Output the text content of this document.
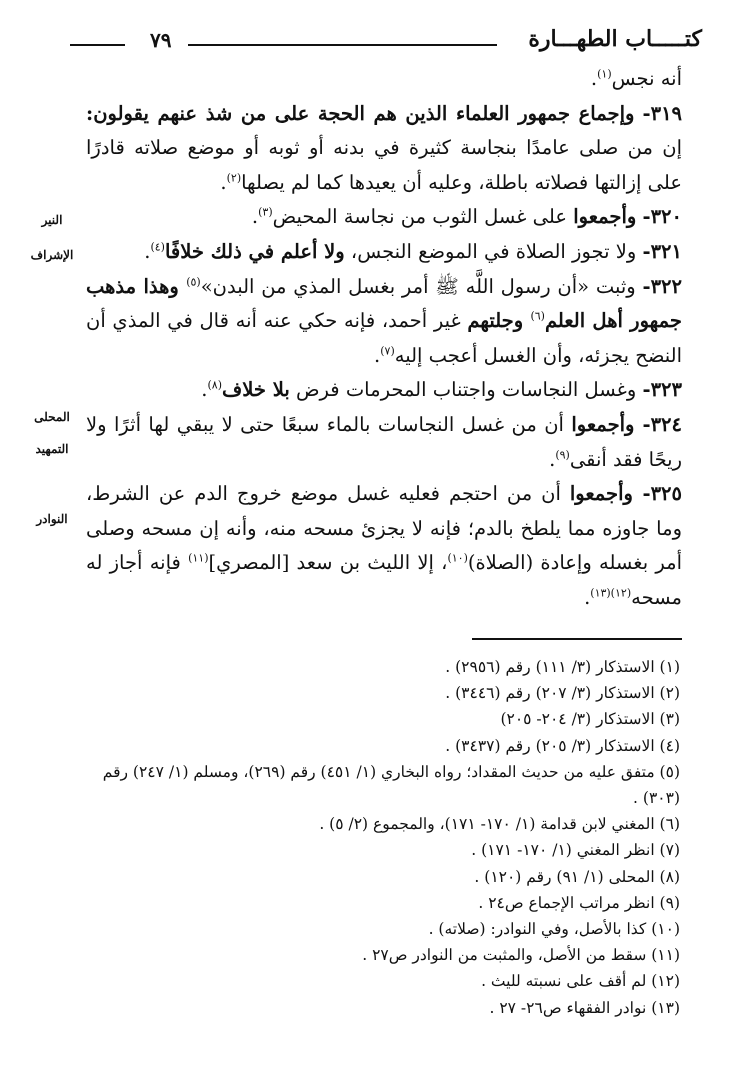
كتـــــاب الطهـــارة
٧٩
النير
الإشراف
المحلى
التمهيد
النوادر

أنه نجس$^{(١)}$.

٣١٩- وإجماع جمهور العلماء الذين هم الحجة على من شذ عنهم يقولون: إن من صلى عامدًا بنجاسة كثيرة في بدنه أو ثوبه أو موضع صلاته قادرًا على إزالتها فصلاته باطلة، وعليه أن يعيدها كما لم يصلها$^{(٢)}$.

٣٢٠- وأجمعوا على غسل الثوب من نجاسة المحيض$^{(٣)}$.

٣٢١- ولا تجوز الصلاة في الموضع النجس، ولا أعلم في ذلك خلافًا$^{(٤)}$.

٣٢٢- وثبت «أن رسول اللَّه ﷺ أمر بغسل المذي من البدن»$^{(٥)}$ وهذا مذهب جمهور أهل العلم$^{(٦)}$ وجلتهم غير أحمد، فإنه حكي عنه أنه قال في المذي أن النضح يجزئه، وأن الغسل أعجب إليه$^{(٧)}$.

٣٢٣- وغسل النجاسات واجتناب المحرمات فرض بلا خلاف$^{(٨)}$.

٣٢٤- وأجمعوا أن من غسل النجاسات بالماء سبعًا حتى لا يبقي لها أثرًا ولا ريحًا فقد أنقى$^{(٩)}$.

٣٢٥- وأجمعوا أن من احتجم فعليه غسل موضع خروج الدم عن الشرط، وما جاوزه مما يلطخ بالدم؛ فإنه لا يجزئ مسحه منه، وأنه إن مسحه وصلى أمر بغسله وإعادة (الصلاة)$^{(١٠)}$، إلا الليث بن سعد [المصري]$^{(١١)}$ فإنه أجاز له مسحه$^{(١٢)(١٣)}$.

(١) الاستذكار (٣/ ١١١) رقم (٢٩٥٦) .

(٢) الاستذكار (٣/ ٢٠٧) رقم (٣٤٤٦) .

(٣) الاستذكار (٣/ ٢٠٤- ٢٠٥)

(٤) الاستذكار (٣/ ٢٠٥) رقم (٣٤٣٧) .

(٥) متفق عليه من حديث المقداد؛ رواه البخاري (١/ ٤٥١) رقم (٢٦٩)، ومسلم (١/ ٢٤٧) رقم (٣٠٣) .

(٦) المغني لابن قدامة (١/ ١٧٠- ١٧١)، والمجموع (٢/ ٥) .

(٧) انظر المغني (١/ ١٧٠- ١٧١) .

(٨) المحلى (١/ ٩١) رقم (١٢٠) .

(٩) انظر مراتب الإجماع ص٢٤ .

(١٠) كذا بالأصل، وفي النوادر: (صلاته) .

(١١) سقط من الأصل، والمثبت من النوادر ص٢٧ .

(١٢) لم أقف على نسبته لليث .

(١٣) نوادر الفقهاء ص٢٦- ٢٧ .
